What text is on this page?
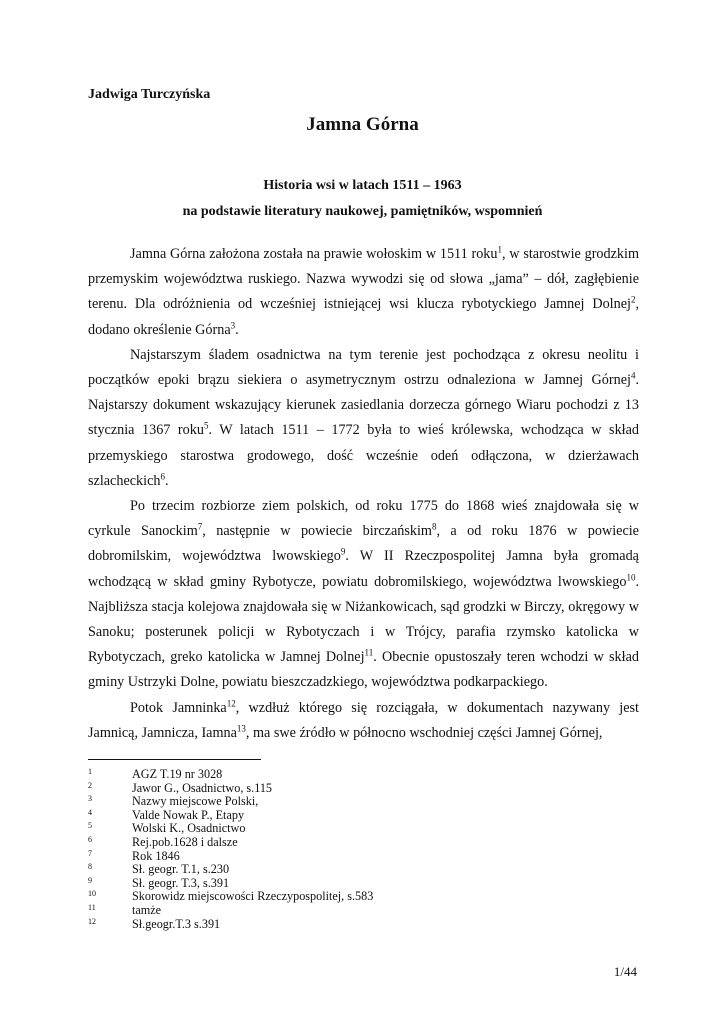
Jadwiga Turczyńska
Jamna Górna
Historia wsi w latach 1511 – 1963
na podstawie literatury naukowej, pamiętników, wspomnień

Jamna Górna założona została na prawie wołoskim w 1511 roku$^1$, w starostwie grodzkim przemyskim województwa ruskiego. Nazwa wywodzi się od słowa „jama” – dół, zagłębienie terenu. Dla odróżnienia od wcześniej istniejącej wsi klucza rybotyckiego Jamnej Dolnej$^2$, dodano określenie Górna$^3$.

Najstarszym śladem osadnictwa na tym terenie jest pochodząca z okresu neolitu i początków epoki brązu siekiera o asymetrycznym ostrzu odnaleziona w Jamnej Górnej$^4$. Najstarszy dokument wskazujący kierunek zasiedlania dorzecza górnego Wiaru pochodzi z 13 stycznia 1367 roku$^5$. W latach 1511 – 1772 była to wieś królewska, wchodząca w skład przemyskiego starostwa grodowego, dość wcześnie odeń odłączona, w dzierżawach szlacheckich$^6$.

Po trzecim rozbiorze ziem polskich, od roku 1775 do 1868 wieś znajdowała się w cyrkule Sanockim$^7$, następnie w powiecie birczańskim$^8$, a od roku 1876 w powiecie dobromilskim, województwa lwowskiego$^9$. W II Rzeczpospolitej Jamna była gromadą wchodzącą w skład gminy Rybotycze, powiatu dobromilskiego, województwa lwowskiego$^{10}$. Najbliższa stacja kolejowa znajdowała się w Niżankowicach, sąd grodzki w Birczy, okręgowy w Sanoku; posterunek policji w Rybotyczach i w Trójcy, parafia rzymsko katolicka w Rybotyczach, greko katolicka w Jamnej Dolnej$^{11}$. Obecnie opustoszały teren wchodzi w skład gminy Ustrzyki Dolne, powiatu bieszczadzkiego, województwa podkarpackiego.

Potok Jamninka$^{12}$, wzdłuż którego się rozciągała, w dokumentach nazywany jest Jamnicą, Jamnicza, Iamna$^{13}$, ma swe źródło w północno wschodniej części Jamnej Górnej,

1	AGZ T.19 nr 3028
2	Jawor G., Osadnictwo, s.115
3	Nazwy miejscowe Polski,
4	Valde Nowak P., Etapy
5	Wolski K., Osadnictwo
6	Rej.pob.1628 i dalsze
7	Rok 1846
8	Sł. geogr. T.1, s.230
9	Sł. geogr. T.3, s.391
10	Skorowidz miejscowości Rzeczypospolitej, s.583
11	tamże
12	Sł.geogr.T.3 s.391
1/44
